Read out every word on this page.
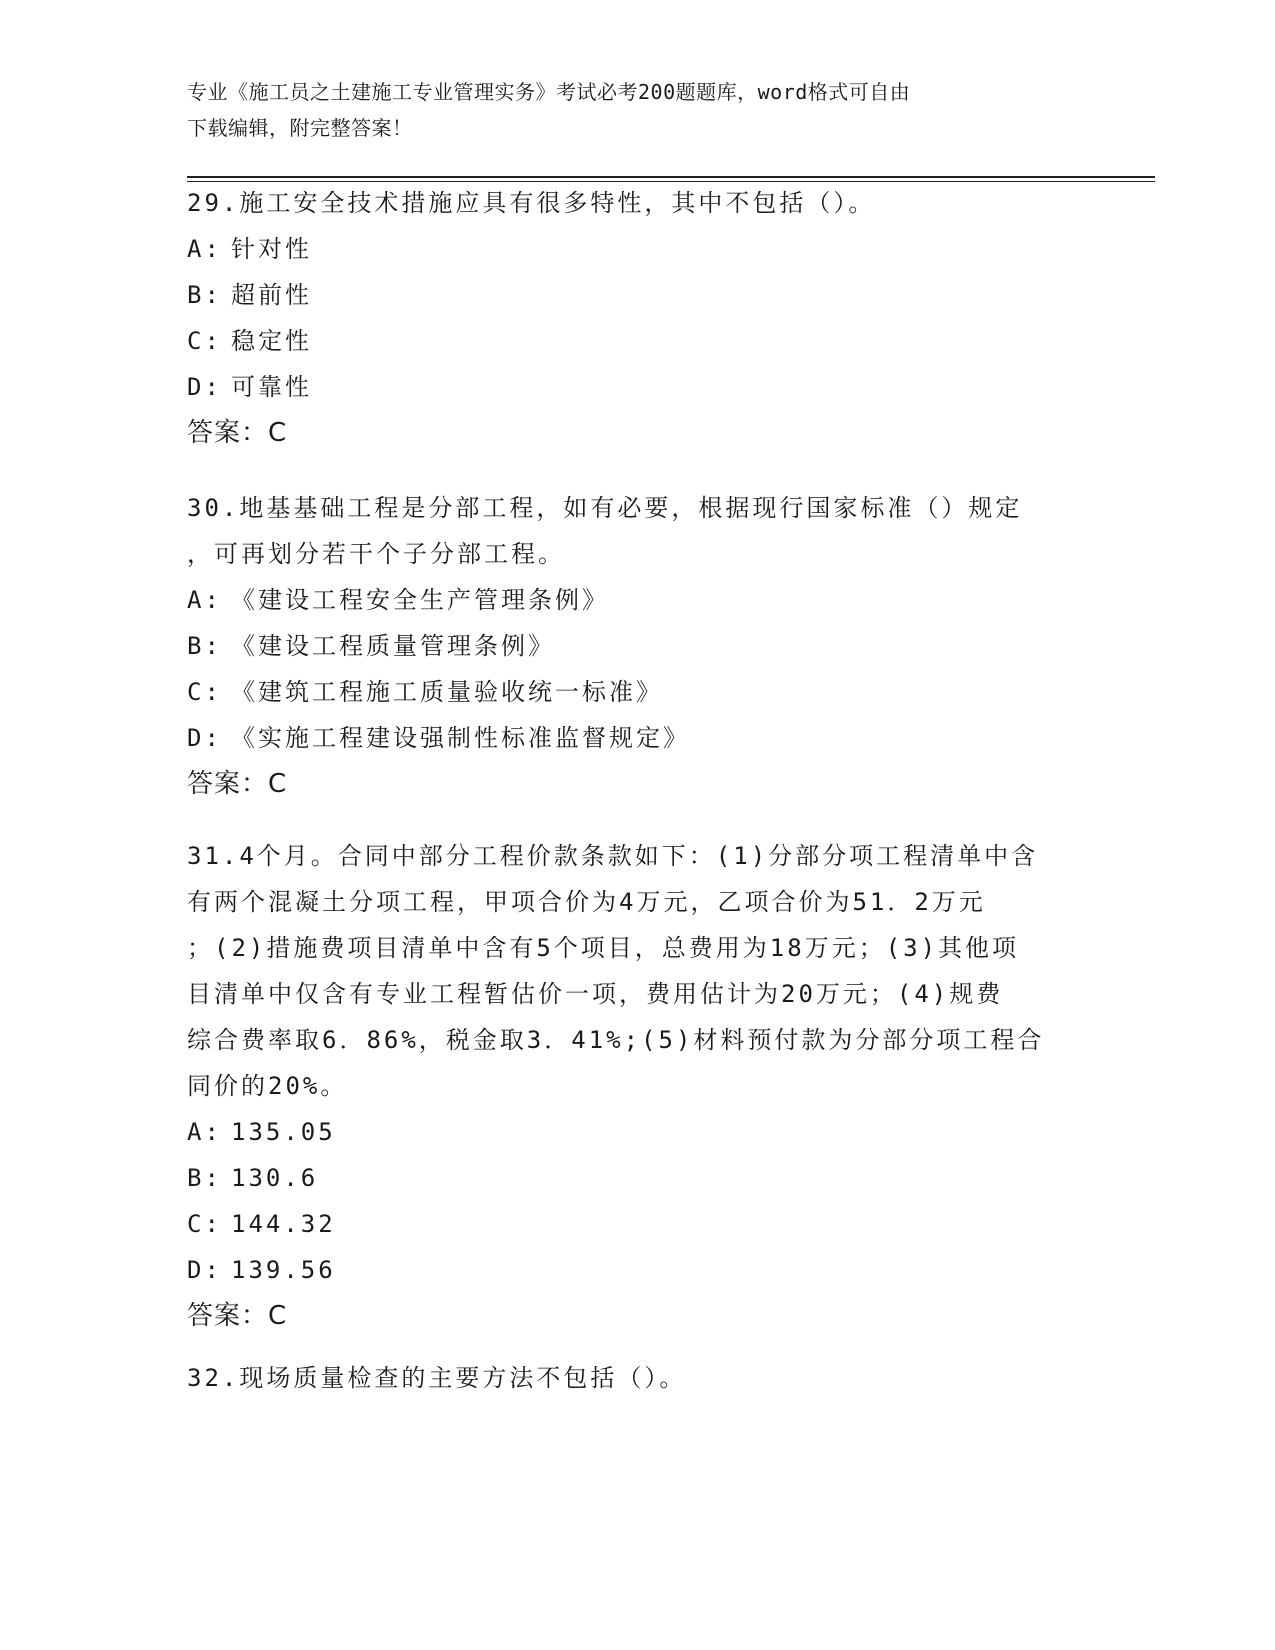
专业《施工员之土建施工专业管理实务》考试必考200题题库，word格式可自由
下载编辑，附完整答案！
29.施工安全技术措施应具有很多特性，其中不包括（）。
A: 针对性
B: 超前性
C: 稳定性
D: 可靠性
答案：C
30.地基基础工程是分部工程，如有必要，根据现行国家标准（）规定
，可再划分若干个子分部工程。
A: 《建设工程安全生产管理条例》
B: 《建设工程质量管理条例》
C: 《建筑工程施工质量验收统一标准》
D: 《实施工程建设强制性标准监督规定》
答案：C
31.4个月。合同中部分工程价款条款如下：(1)分部分项工程清单中含
有两个混凝土分项工程，甲项合价为4万元，乙项合价为51．2万元
；(2)措施费项目清单中含有5个项目，总费用为18万元；(3)其他项
目清单中仅含有专业工程暂估价一项，费用估计为20万元；(4)规费
综合费率取6．86%，税金取3．41%;(5)材料预付款为分部分项工程合
同价的20%。
A: 135.05
B: 130.6
C: 144.32
D: 139.56
答案：C
32.现场质量检查的主要方法不包括（）。
